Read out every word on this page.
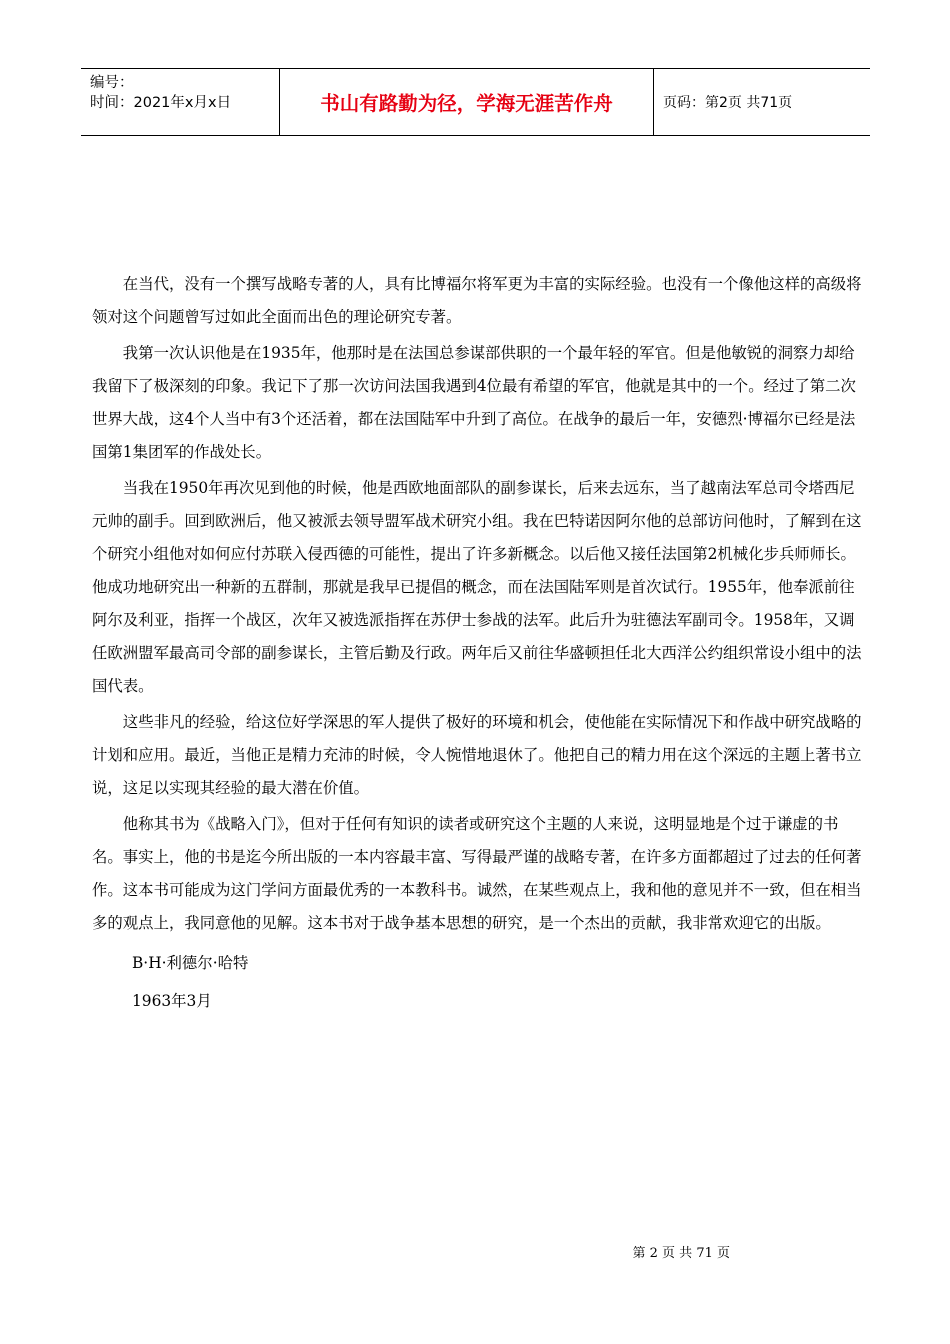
编号：
时间：2021年x月x日	书山有路勤为径，学海无涯苦作舟	页码：第2页 共71页

在当代，没有一个撰写战略专著的人，具有比博福尔将军更为丰富的实际经验。也没有一个像他这样的高级将领对这个问题曾写过如此全面而出色的理论研究专著。

我第一次认识他是在1935年，他那时是在法国总参谋部供职的一个最年轻的军官。但是他敏锐的洞察力却给我留下了极深刻的印象。我记下了那一次访问法国我遇到4位最有希望的军官，他就是其中的一个。经过了第二次世界大战，这4个人当中有3个还活着，都在法国陆军中升到了高位。在战争的最后一年，安德烈·博福尔已经是法国第1集团军的作战处长。

当我在1950年再次见到他的时候，他是西欧地面部队的副参谋长，后来去远东，当了越南法军总司令塔西尼元帅的副手。回到欧洲后，他又被派去领导盟军战术研究小组。我在巴特诺因阿尔他的总部访问他时，了解到在这个研究小组他对如何应付苏联入侵西德的可能性，提出了许多新概念。以后他又接任法国第2机械化步兵师师长。他成功地研究出一种新的五群制，那就是我早已提倡的概念，而在法国陆军则是首次试行。1955年，他奉派前往阿尔及利亚，指挥一个战区，次年又被选派指挥在苏伊士参战的法军。此后升为驻德法军副司令。1958年，又调任欧洲盟军最高司令部的副参谋长，主管后勤及行政。两年后又前往华盛顿担任北大西洋公约组织常设小组中的法国代表。

这些非凡的经验，给这位好学深思的军人提供了极好的环境和机会，使他能在实际情况下和作战中研究战略的计划和应用。最近，当他正是精力充沛的时候，令人惋惜地退休了。他把自己的精力用在这个深远的主题上著书立说，这足以实现其经验的最大潜在价值。

他称其书为《战略入门》，但对于任何有知识的读者或研究这个主题的人来说，这明显地是个过于谦虚的书名。事实上，他的书是迄今所出版的一本内容最丰富、写得最严谨的战略专著，在许多方面都超过了过去的任何著作。这本书可能成为这门学问方面最优秀的一本教科书。诚然，在某些观点上，我和他的意见并不一致，但在相当多的观点上，我同意他的见解。这本书对于战争基本思想的研究，是一个杰出的贡献，我非常欢迎它的出版。

B·H·利德尔·哈特

1963年3月

第 2 页 共 71 页
